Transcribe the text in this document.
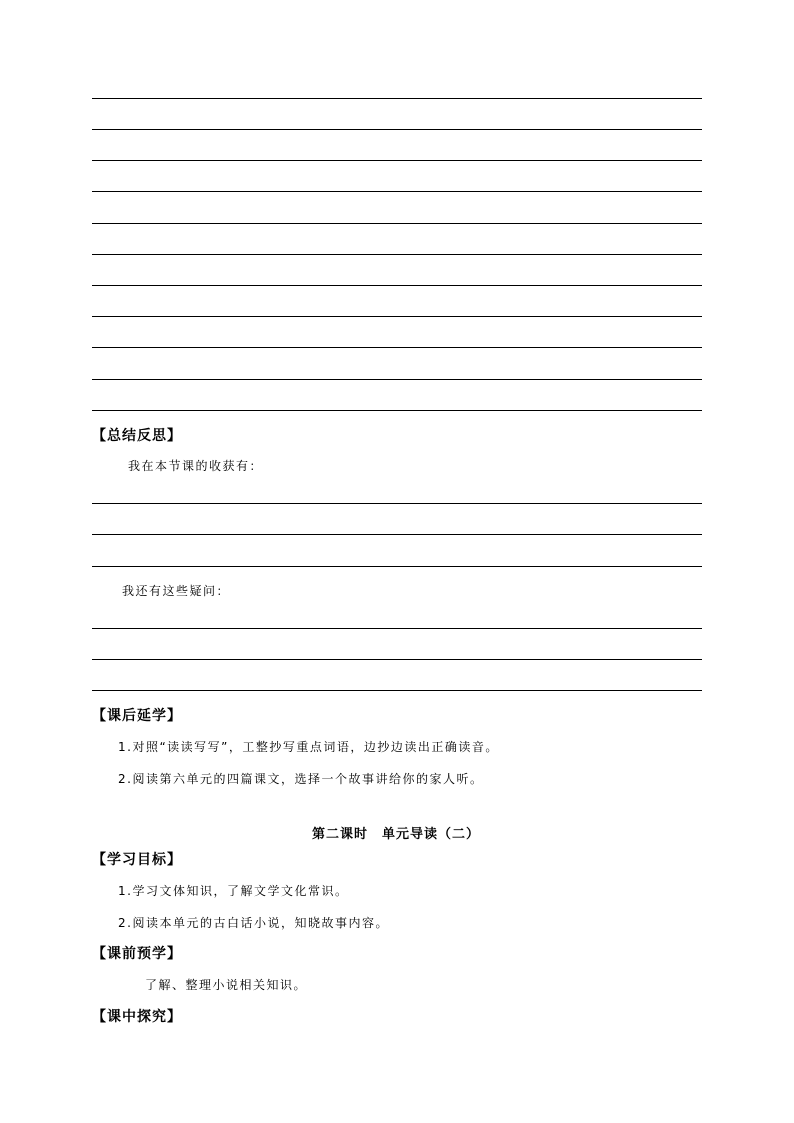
【总结反思】
我在本节课的收获有：
我还有这些疑问：
【课后延学】
1.对照“读读写写”，工整抄写重点词语，边抄边读出正确读音。
2.阅读第六单元的四篇课文，选择一个故事讲给你的家人听。
第二课时　单元导读（二）
【学习目标】
1.学习文体知识，了解文学文化常识。
2.阅读本单元的古白话小说，知晓故事内容。
【课前预学】
了解、整理小说相关知识。
【课中探究】
